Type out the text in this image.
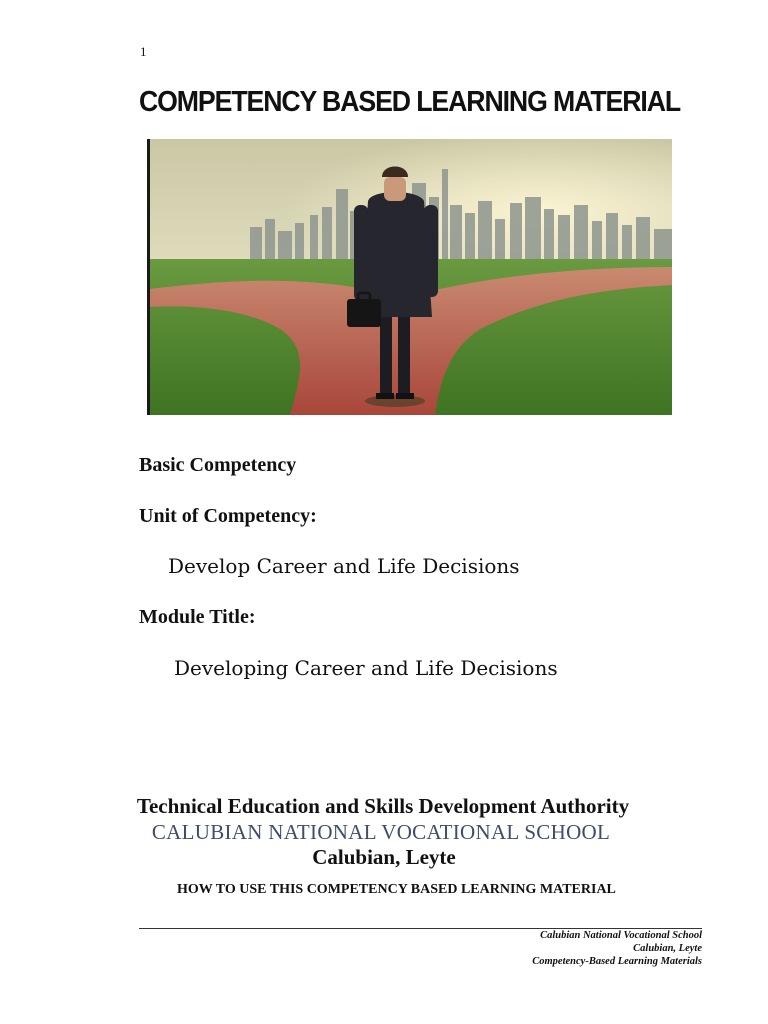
1
COMPETENCY BASED LEARNING MATERIAL
Basic Competency
Unit of Competency:
Develop Career and Life Decisions
Module Title:
Developing Career and Life Decisions
Technical Education and Skills Development Authority
CALUBIAN NATIONAL VOCATIONAL SCHOOL
Calubian, Leyte
HOW TO USE THIS COMPETENCY BASED LEARNING MATERIAL
Calubian National Vocational School
Calubian, Leyte
Competency-Based Learning Materials
